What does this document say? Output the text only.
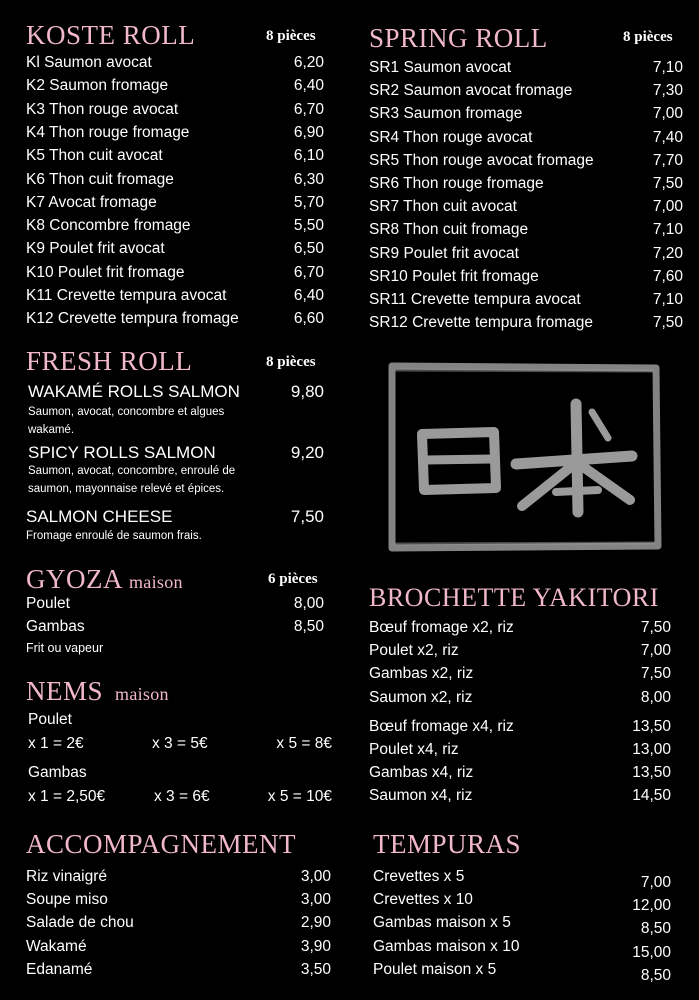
KOSTE ROLL	8 pièces
Kl Saumon avocat	6,20
K2 Saumon fromage	6,40
K3 Thon rouge avocat	6,70
K4 Thon rouge fromage	6,90
K5 Thon cuit avocat	6,10
K6 Thon cuit fromage	6,30
K7 Avocat fromage	5,70
K8 Concombre fromage	5,50
K9 Poulet frit avocat	6,50
K10 Poulet frit fromage	6,70
K11 Crevette tempura avocat	6,40
K12 Crevette tempura fromage	6,60
SPRING ROLL	8 pièces
SR1 Saumon avocat	7,10
SR2 Saumon avocat fromage	7,30
SR3 Saumon fromage	7,00
SR4 Thon rouge avocat	7,40
SR5 Thon rouge avocat fromage	7,70
SR6 Thon rouge fromage	7,50
SR7 Thon cuit avocat	7,00
SR8 Thon cuit fromage	7,10
SR9 Poulet frit avocat	7,20
SR10 Poulet frit fromage	7,60
SR11 Crevette tempura avocat	7,10
SR12 Crevette tempura fromage	7,50
FRESH ROLL	8 pièces
WAKAMÉ ROLLS SALMON	9,80
Saumon, avocat, concombre et algues
wakamé.
SPICY ROLLS SALMON	9,20
Saumon, avocat, concombre, enroulé de
saumon, mayonnaise relevé et épices.
SALMON CHEESE	7,50
Fromage enroulé de saumon frais.
GYOZA maison	6 pièces
Frit ou vapeur
Poulet	8,00
Gambas	8,50
NEMS maison
Poulet
x 1 = 2€	x 3 = 5€	x 5 = 8€
Gambas
x 1 = 2,50€	x 3 = 6€	x 5 = 10€
BROCHETTE YAKITORI
Bœuf fromage x2, riz	7,50
Poulet x2, riz	7,00
Gambas x2, riz	7,50
Saumon x2, riz	8,00
Bœuf fromage x4, riz	13,50
Poulet x4, riz	13,00
Gambas x4, riz	13,50
Saumon x4, riz	14,50
ACCOMPAGNEMENT
Riz vinaigré	3,00
Soupe miso	3,00
Salade de chou	2,90
Wakamé	3,90
Edanamé	3,50
TEMPURAS
Crevettes x 5	7,00
Crevettes x 10	12,00
Gambas maison x 5	8,50
Gambas maison x 10	15,00
Poulet maison x 5	8,50
